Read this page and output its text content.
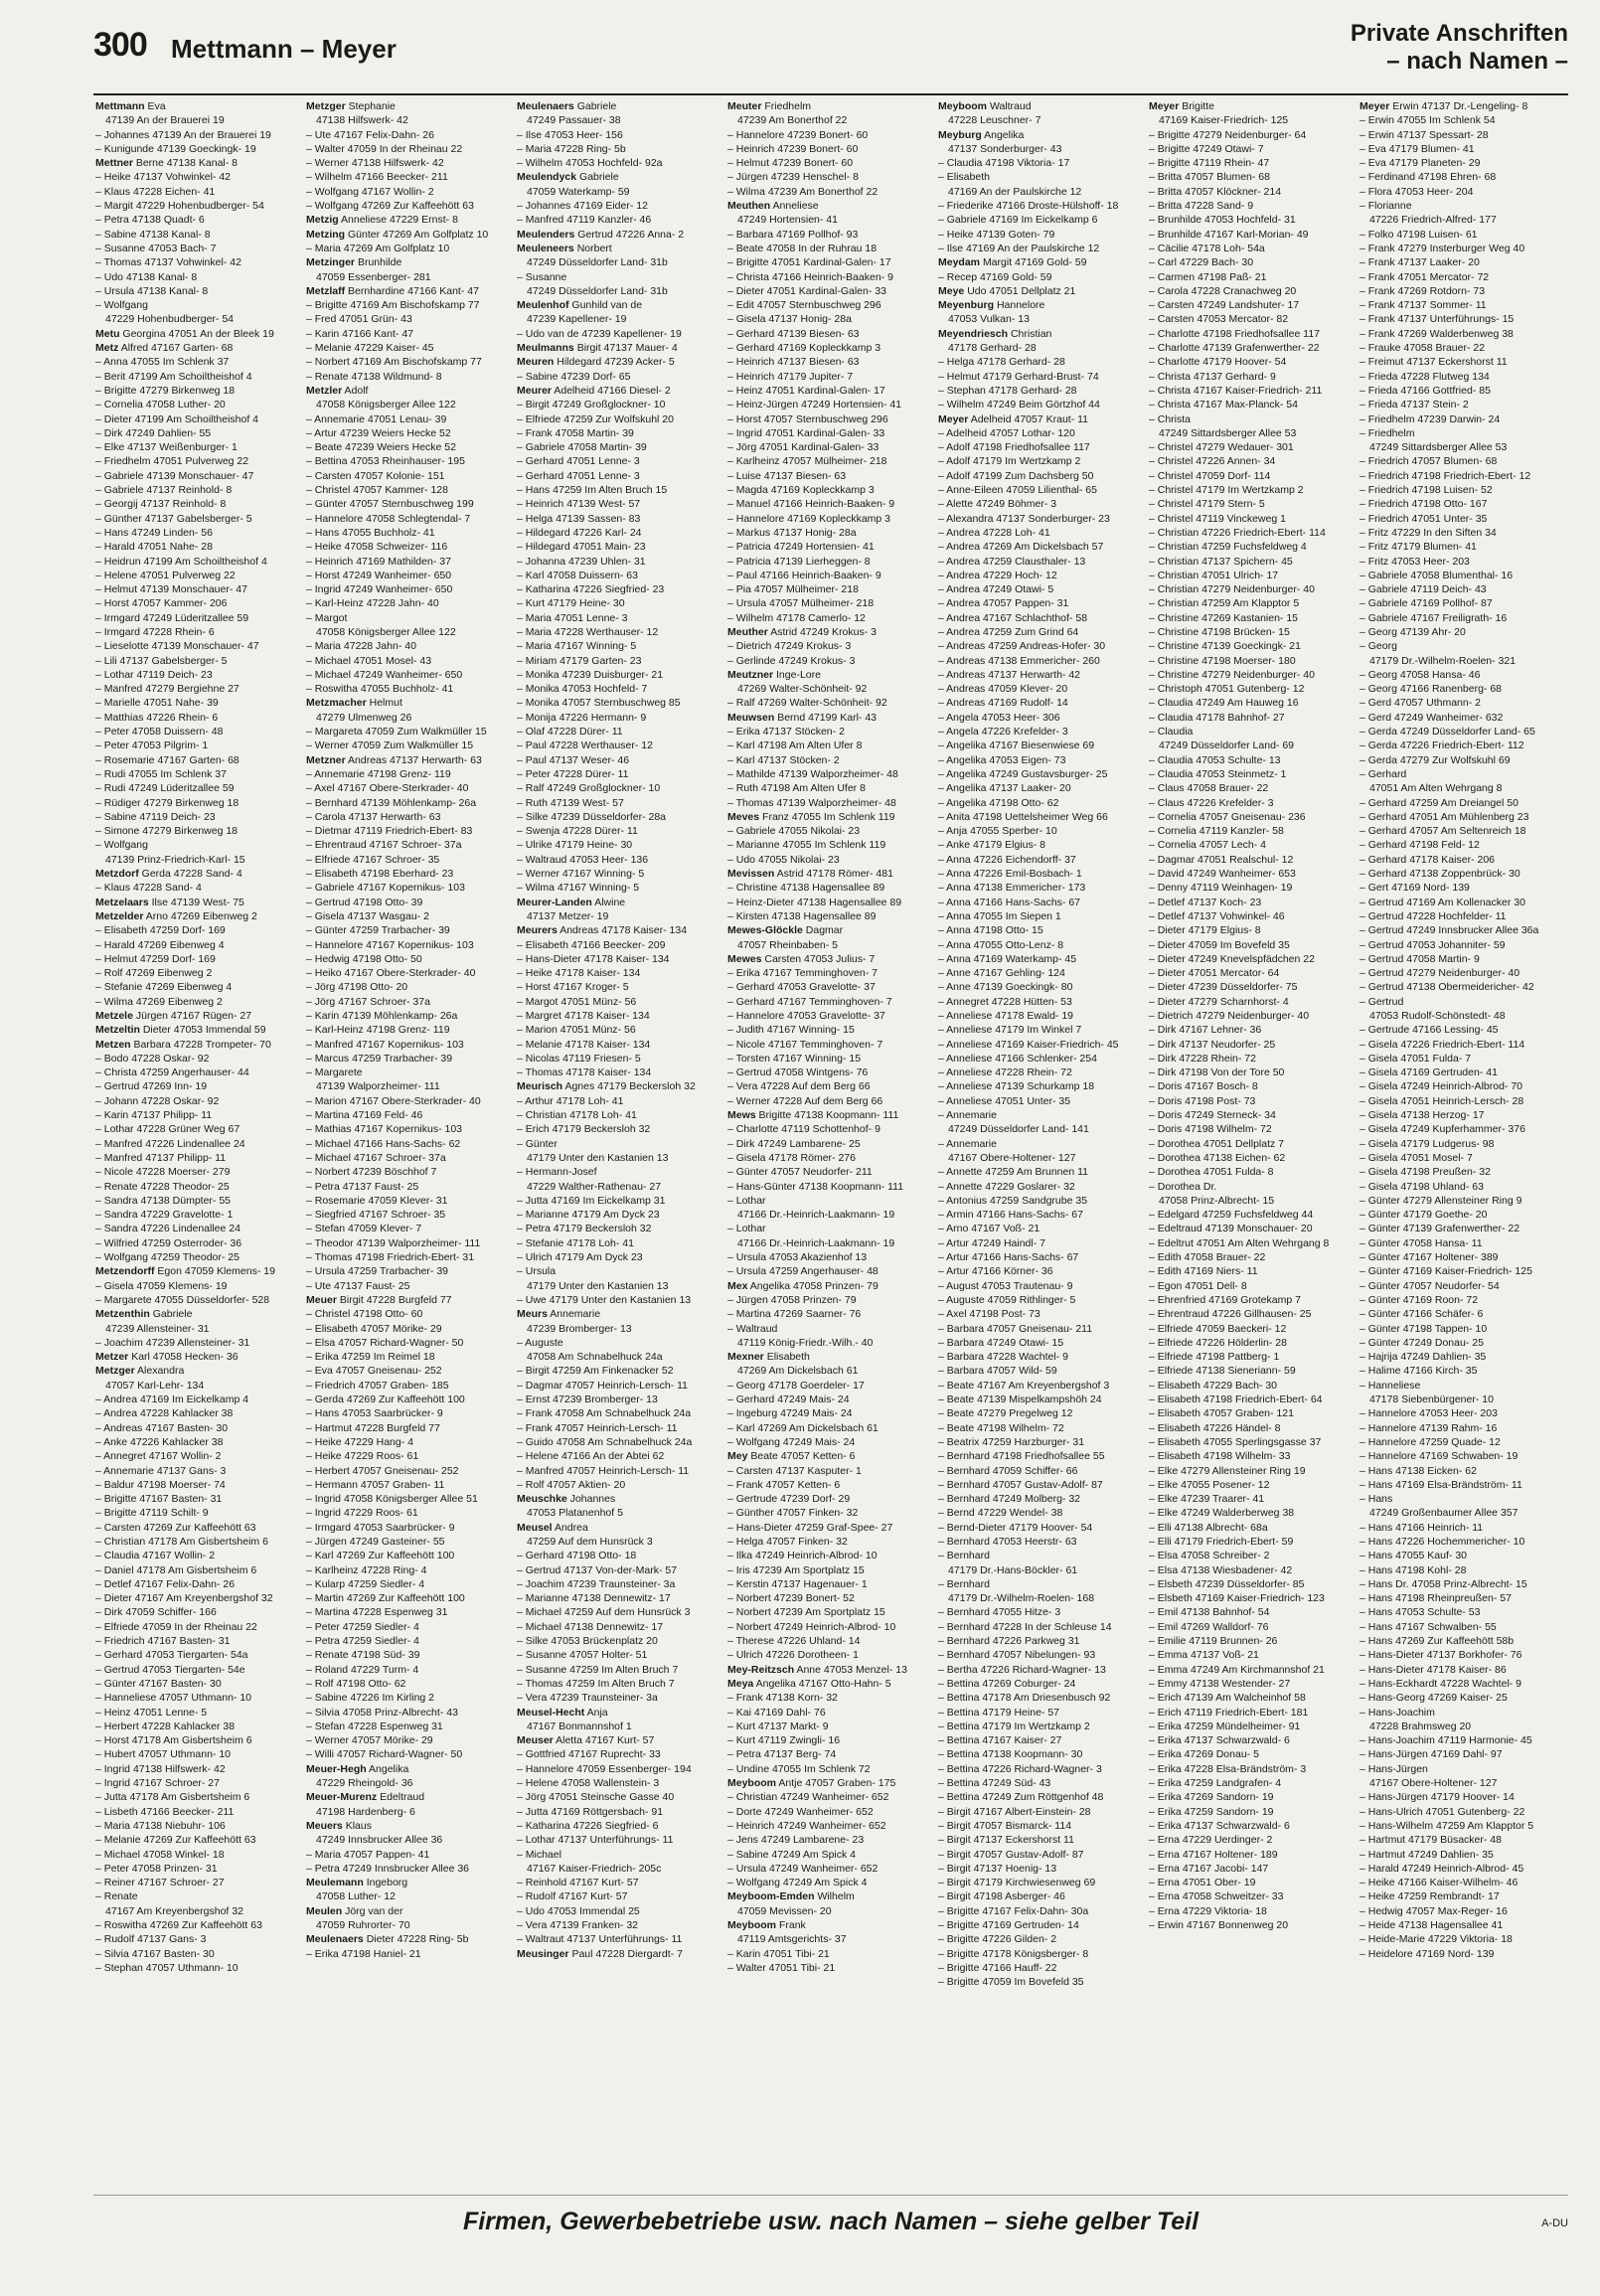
300 Mettmann – Meyer
Private Anschriften
– nach Namen –
Mettmann Eva
47139 An der Brauerei 19
– Johannes 47139 An der Brauerei 19
– Kunigunde 47139 Goeckingk- 19
Mettner Berne 47138 Kanal- 8
– Heike 47137 Vohwinkel- 42
– Klaus 47228 Eichen- 41
– Margit 47229 Hohenbudberger- 54
– Petra 47138 Quadt- 6
– Sabine 47138 Kanal- 8
– Susanne 47053 Bach- 7
– Thomas 47137 Vohwinkel- 42
– Udo 47138 Kanal- 8
– Ursula 47138 Kanal- 8
– Wolfgang
47229 Hohenbudberger- 54
Metu Georgina 47051 An der Bleek 19
Metz Alfred 47167 Garten- 68
– Anna 47055 Im Schlenk 37
– Berit 47199 Am Schoiltheishof 4
– Brigitte 47279 Birkenweg 18
– Cornelia 47058 Luther- 20
– Dieter 47199 Am Schoiltheishof 4
– Dirk 47249 Dahlien- 55
– Elke 47137 Weißenburger- 1
– Friedhelm 47051 Pulverweg 22
– Gabriele 47139 Monschauer- 47
– Gabriele 47137 Reinhold- 8
– Georgij 47137 Reinhold- 8
– Günther 47137 Gabelsberger- 5
– Hans 47249 Linden- 56
– Harald 47051 Nahe- 28
– Heidrun 47199 Am Schoiltheishof 4
– Helene 47051 Pulverweg 22
– Helmut 47139 Monschauer- 47
– Horst 47057 Kammer- 206
– Irmgard 47249 Lüderitzallee 59
– Irmgard 47228 Rhein- 6
– Lieselotte 47139 Monschauer- 47
– Lili 47137 Gabelsberger- 5
– Lothar 47119 Deich- 23
– Manfred 47279 Bergiehne 27
– Marielle 47051 Nahe- 39
– Matthias 47226 Rhein- 6
– Peter 47058 Duissern- 48
– Peter 47053 Pilgrim- 1
– Rosemarie 47167 Garten- 68
– Rudi 47055 Im Schlenk 37
– Rudi 47249 Lüderitzallee 59
– Rüdiger 47279 Birkenweg 18
– Sabine 47119 Deich- 23
– Simone 47279 Birkenweg 18
– Wolfgang
47139 Prinz-Friedrich-Karl- 15
Metzdorf Gerda 47228 Sand- 4
– Klaus 47228 Sand- 4
Metzelaars Ilse 47139 West- 75
Metzelder Arno 47269 Eibenweg 2
– Elisabeth 47259 Dorf- 169
– Harald 47269 Eibenweg 4
– Helmut 47259 Dorf- 169
– Rolf 47269 Eibenweg 2
– Stefanie 47269 Eibenweg 4
– Wilma 47269 Eibenweg 2
Metzele Jürgen 47167 Rügen- 27
Metzeltin Dieter 47053 Immendal 59
Metzen Barbara 47228 Trompeter- 70
– Bodo 47228 Oskar- 92
– Christa 47259 Angerhauser- 44
– Gertrud 47269 Inn- 19
– Johann 47228 Oskar- 92
– Karin 47137 Philipp- 11
– Lothar 47228 Grüner Weg 67
– Manfred 47226 Lindenallee 24
– Manfred 47137 Philipp- 11
– Nicole 47228 Moerser- 279
– Renate 47228 Theodor- 25
– Sandra 47138 Dümpter- 55
– Sandra 47229 Gravelotte- 1
– Sandra 47226 Lindenallee 24
– Wilfried 47259 Osterroder- 36
– Wolfgang 47259 Theodor- 25
Metzendorff Egon 47059 Klemens- 19
– Gisela 47059 Klemens- 19
– Margarete 47055 Düsseldorfer- 528
Metzenthin Gabriele
47239 Allensteiner- 31
– Joachim 47239 Allensteiner- 31
Metzer Karl 47058 Hecken- 36
Metzger Alexandra
47057 Karl-Lehr- 134
– Andrea 47169 Im Eickelkamp 4
– Andrea 47228 Kahlacker 38
– Andreas 47167 Basten- 30
– Anke 47226 Kahlacker 38
– Annegret 47167 Wollin- 2
– Annemarie 47137 Gans- 3
– Baldur 47198 Moerser- 74
– Brigitte 47167 Basten- 31
– Brigitte 47119 Schilt- 9
– Carsten 47269 Zur Kaffeehött 63
– Christian 47178 Am Gisbertsheim 6
– Claudia 47167 Wollin- 2
– Daniel 47178 Am Gisbertsheim 6
– Detlef 47167 Felix-Dahn- 26
– Dieter 47167 Am Kreyenbergshof 32
– Dirk 47059 Schiffer- 166
– Elfriede 47059 In der Rheinau 22
– Friedrich 47167 Basten- 31
– Gerhard 47053 Tiergarten- 54a
– Gertrud 47053 Tiergarten- 54e
– Günter 47167 Basten- 30
– Hanneliese 47057 Uthmann- 10
– Heinz 47051 Lenne- 5
– Herbert 47228 Kahlacker 38
– Horst 47178 Am Gisbertsheim 6
– Hubert 47057 Uthmann- 10
– Ingrid 47138 Hilfswerk- 42
– Ingrid 47167 Schroer- 27
– Jutta 47178 Am Gisbertsheim 6
– Lisbeth 47166 Beecker- 211
– Maria 47138 Niebuhr- 106
– Melanie 47269 Zur Kaffeehött 63
– Michael 47058 Winkel- 18
– Peter 47058 Prinzen- 31
– Reiner 47167 Schroer- 27
– Renate
47167 Am Kreyenbergshof 32
– Roswitha 47269 Zur Kaffeehött 63
– Rudolf 47137 Gans- 3
– Silvia 47167 Basten- 30
– Stephan 47057 Uthmann- 10
Metzger Stephanie
47138 Hilfswerk- 42
– Ute 47167 Felix-Dahn- 26
– Walter 47059 In der Rheinau 22
– Werner 47138 Hilfswerk- 42
– Wilhelm 47166 Beecker- 211
– Wolfgang 47167 Wollin- 2
– Wolfgang 47269 Zur Kaffeehött 63
Metzig Anneliese 47229 Ernst- 8
Metzing Günter 47269 Am Golfplatz 10
– Maria 47269 Am Golfplatz 10
Metzinger Brunhilde
47059 Essenberger- 281
Metzlaff Bernhardine 47166 Kant- 47
– Brigitte 47169 Am Bischofskamp 77
– Fred 47051 Grün- 43
– Karin 47166 Kant- 47
– Melanie 47229 Kaiser- 45
– Norbert 47169 Am Bischofskamp 77
– Renate 47138 Wildmund- 8
Metzler Adolf
47058 Königsberger Allee 122
– Annemarie 47051 Lenau- 39
– Artur 47239 Weiers Hecke 52
– Beate 47239 Weiers Hecke 52
– Bettina 47053 Rheinhauser- 195
– Carsten 47057 Kolonie- 151
– Christel 47057 Kammer- 128
– Günter 47057 Sternbuschweg 199
– Hannelore 47058 Schlegtendal- 7
– Hans 47055 Buchholz- 41
– Heike 47058 Schweizer- 116
– Heinrich 47169 Mathilden- 37
– Horst 47249 Wanheimer- 650
– Ingrid 47249 Wanheimer- 650
– Karl-Heinz 47228 Jahn- 40
– Margot
47058 Königsberger Allee 122
– Maria 47228 Jahn- 40
– Michael 47051 Mosel- 43
– Michael 47249 Wanheimer- 650
– Roswitha 47055 Buchholz- 41
Metzmacher Helmut
47279 Ulmenweg 26
– Margareta 47059 Zum Walkmüller 15
– Werner 47059 Zum Walkmüller 15
Metzner Andreas 47137 Herwarth- 63
– Annemarie 47198 Grenz- 119
– Axel 47167 Obere-Sterkrader- 40
– Bernhard 47139 Möhlenkamp- 26a
– Carola 47137 Herwarth- 63
– Dietmar 47119 Friedrich-Ebert- 83
– Ehrentraud 47167 Schroer- 37a
– Elfriede 47167 Schroer- 35
– Elisabeth 47198 Eberhard- 23
– Gabriele 47167 Kopernikus- 103
– Gertrud 47198 Otto- 39
– Gisela 47137 Wasgau- 2
– Günter 47259 Trarbacher- 39
– Hannelore 47167 Kopernikus- 103
– Hedwig 47198 Otto- 50
– Heiko 47167 Obere-Sterkrader- 40
– Jörg 47198 Otto- 20
– Jörg 47167 Schroer- 37a
– Karin 47139 Möhlenkamp- 26a
– Karl-Heinz 47198 Grenz- 119
– Manfred 47167 Kopernikus- 103
– Marcus 47259 Trarbacher- 39
– Margarete
47139 Walporzheimer- 111
– Marion 47167 Obere-Sterkrader- 40
– Martina 47169 Feld- 46
– Mathias 47167 Kopernikus- 103
– Michael 47166 Hans-Sachs- 62
– Michael 47167 Schroer- 37a
– Norbert 47239 Böschhof 7
– Petra 47137 Faust- 25
– Rosemarie 47059 Klever- 31
– Siegfried 47167 Schroer- 35
– Stefan 47059 Klever- 7
– Theodor 47139 Walporzheimer- 111
– Thomas 47198 Friedrich-Ebert- 31
– Ursula 47259 Trarbacher- 39
– Ute 47137 Faust- 25
Meuer Birgit 47228 Burgfeld 77
– Christel 47198 Otto- 60
– Elisabeth 47057 Mörike- 29
– Elsa 47057 Richard-Wagner- 50
– Erika 47259 Im Reimel 18
– Eva 47057 Gneisenau- 252
– Friedrich 47057 Graben- 185
– Gerda 47269 Zur Kaffeehött 100
– Hans 47053 Saarbrücker- 9
– Hartmut 47228 Burgfeld 77
– Heike 47229 Hang- 4
– Heike 47229 Roos- 61
– Herbert 47057 Gneisenau- 252
– Hermann 47057 Graben- 11
– Ingrid 47058 Königsberger Allee 51
– Ingrid 47229 Roos- 61
– Irmgard 47053 Saarbrücker- 9
– Jürgen 47249 Gasteiner- 55
– Karl 47269 Zur Kaffeehött 100
– Karlheinz 47228 Ring- 4
– Kularp 47259 Siedler- 4
– Martin 47269 Zur Kaffeehött 100
– Martina 47228 Espenweg 31
– Peter 47259 Siedler- 4
– Petra 47259 Siedler- 4
– Renate 47198 Süd- 39
– Roland 47229 Turm- 4
– Rolf 47198 Otto- 62
– Sabine 47226 Im Kirling 2
– Silvia 47058 Prinz-Albrecht- 43
– Stefan 47228 Espenweg 31
– Werner 47057 Mörike- 29
– Willi 47057 Richard-Wagner- 50
Meuer-Hegh Angelika
47229 Rheingold- 36
Meuer-Murenz Edeltraud
47198 Hardenberg- 6
Meuers Klaus
47249 Innsbrucker Allee 36
– Maria 47057 Pappen- 41
– Petra 47249 Innsbrucker Allee 36
Meulemann Ingeborg
47058 Luther- 12
Meulen Jörg van der
47059 Ruhrorter- 70
Meulenaers Dieter 47228 Ring- 5b
– Erika 47198 Haniel- 21
Meulenaers Gabriele
47249 Passauer- 38
– Ilse 47053 Heer- 156
– Maria 47228 Ring- 5b
– Wilhelm 47053 Hochfeld- 92a
Meulendyck Gabriele
47059 Waterkamp- 59
– Johannes 47169 Eider- 12
– Manfred 47119 Kanzler- 46
Meulenders Gertrud 47226 Anna- 2
Meuleneers Norbert
47249 Düsseldorfer Land- 31b
– Susanne
47249 Düsseldorfer Land- 31b
Meulenhof Gunhild van de
47239 Kapellener- 19
– Udo van de 47239 Kapellener- 19
Meulmanns Birgit 47137 Mauer- 4
Meuren Hildegard 47239 Acker- 5
– Sabine 47239 Dorf- 65
Meurer Adelheid 47166 Diesel- 2
– Birgit 47249 Großglockner- 10
– Elfriede 47259 Zur Wolfskuhl 20
– Frank 47058 Martin- 39
– Gabriele 47058 Martin- 39
– Gerhard 47051 Lenne- 3
– Gerhard 47051 Lenne- 3
– Hans 47259 Im Alten Bruch 15
– Heinrich 47139 West- 57
– Helga 47139 Sassen- 83
– Hildegard 47226 Karl- 24
– Hildegard 47051 Main- 23
– Johanna 47239 Uhlen- 31
– Karl 47058 Duissern- 63
– Katharina 47226 Siegfried- 23
– Kurt 47179 Heine- 30
– Maria 47051 Lenne- 3
– Maria 47228 Werthauser- 12
– Maria 47167 Winning- 5
– Miriam 47179 Garten- 23
– Monika 47239 Duisburger- 21
– Monika 47053 Hochfeld- 7
– Monika 47057 Sternbuschweg 85
– Monija 47226 Hermann- 9
– Olaf 47228 Dürer- 11
– Paul 47228 Werthauser- 12
– Paul 47137 Weser- 46
– Peter 47228 Dürer- 11
– Ralf 47249 Großglockner- 10
– Ruth 47139 West- 57
– Silke 47239 Düsseldorfer- 28a
– Swenja 47228 Dürer- 11
– Ulrike 47179 Heine- 30
– Waltraud 47053 Heer- 136
– Werner 47167 Winning- 5
– Wilma 47167 Winning- 5
Meurer-Landen Alwine
47137 Metzer- 19
Meurers Andreas 47178 Kaiser- 134
– Elisabeth 47166 Beecker- 209
– Hans-Dieter 47178 Kaiser- 134
– Heike 47178 Kaiser- 134
– Horst 47167 Kroger- 5
– Margot 47051 Münz- 56
– Margret 47178 Kaiser- 134
– Marion 47051 Münz- 56
– Melanie 47178 Kaiser- 134
– Nicolas 47119 Friesen- 5
– Thomas 47178 Kaiser- 134
Meurisch Agnes 47179 Beckersloh 32
– Arthur 47178 Loh- 41
– Christian 47178 Loh- 41
– Erich 47179 Beckersloh 32
– Günter
47179 Unter den Kastanien 13
– Hermann-Josef
47229 Walther-Rathenau- 27
– Jutta 47169 Im Eickelkamp 31
– Marianne 47179 Am Dyck 23
– Petra 47179 Beckersloh 32
– Stefanie 47178 Loh- 41
– Ulrich 47179 Am Dyck 23
– Ursula
47179 Unter den Kastanien 13
– Uwe 47179 Unter den Kastanien 13
Meurs Annemarie
47239 Bromberger- 13
– Auguste
47058 Am Schnabelhuck 24a
– Birgit 47259 Am Finkenacker 52
– Dagmar 47057 Heinrich-Lersch- 11
– Ernst 47239 Bromberger- 13
– Frank 47058 Am Schnabelhuck 24a
– Frank 47057 Heinrich-Lersch- 11
– Guido 47058 Am Schnabelhuck 24a
– Helene 47166 An der Abtei 62
– Manfred 47057 Heinrich-Lersch- 11
– Rolf 47057 Aktien- 20
Meuschke Johannes
47053 Platanenhof 5
Meusel Andrea
47259 Auf dem Hunsrück 3
– Gerhard 47198 Otto- 18
– Gertrud 47137 Von-der-Mark- 57
– Joachim 47239 Traunsteiner- 3a
– Marianne 47138 Dennewitz- 17
– Michael 47259 Auf dem Hunsrück 3
– Michael 47138 Dennewitz- 17
– Silke 47053 Brückenplatz 20
– Susanne 47057 Holter- 51
– Susanne 47259 Im Alten Bruch 7
– Thomas 47259 Im Alten Bruch 7
– Vera 47239 Traunsteiner- 3a
Meusel-Hecht Anja
47167 Bonmannshof 1
Meuser Aletta 47167 Kurt- 57
– Gottfried 47167 Ruprecht- 33
– Hannelore 47059 Essenberger- 194
– Helene 47058 Wallenstein- 3
– Jörg 47051 Steinsche Gasse 40
– Jutta 47169 Röttgersbach- 91
– Katharina 47226 Siegfried- 6
– Lothar 47137 Unterführungs- 11
– Michael
47167 Kaiser-Friedrich- 205c
– Reinhold 47167 Kurt- 57
– Rudolf 47167 Kurt- 57
– Udo 47053 Immendal 25
– Vera 47139 Franken- 32
– Waltraut 47137 Unterführungs- 11
Meusinger Paul 47228 Diergardt- 7
Meuter Friedhelm
47239 Am Bonerthof 22
– Hannelore 47239 Bonert- 60
– Heinrich 47239 Bonert- 60
– Helmut 47239 Bonert- 60
– Jürgen 47239 Henschel- 8
– Wilma 47239 Am Bonerthof 22
Meuthen Anneliese
47249 Hortensien- 41
– Barbara 47169 Pollhof- 93
– Beate 47058 In der Ruhrau 18
– Brigitte 47051 Kardinal-Galen- 17
– Christa 47166 Heinrich-Baaken- 9
– Dieter 47051 Kardinal-Galen- 33
– Edit 47057 Sternbuschweg 296
– Gisela 47137 Honig- 28a
– Gerhard 47139 Biesen- 63
– Gerhard 47169 Kopleckkamp 3
– Heinrich 47137 Biesen- 63
– Heinrich 47179 Jupiter- 7
– Heinz 47051 Kardinal-Galen- 17
– Heinz-Jürgen 47249 Hortensien- 41
– Horst 47057 Sternbuschweg 296
– Ingrid 47051 Kardinal-Galen- 33
– Jörg 47051 Kardinal-Galen- 33
– Karlheinz 47057 Mülheimer- 218
– Luise 47137 Biesen- 63
– Magda 47169 Kopleckkamp 3
– Manuel 47166 Heinrich-Baaken- 9
– Hannelore 47169 Kopleckkamp 3
– Markus 47137 Honig- 28a
– Patricia 47249 Hortensien- 41
– Patricia 47139 Lierheggen- 8
– Paul 47166 Heinrich-Baaken- 9
– Pia 47057 Mülheimer- 218
– Ursula 47057 Mülheimer- 218
– Wilhelm 47178 Camerlo- 12
Meuther Astrid 47249 Krokus- 3
– Dietrich 47249 Krokus- 3
– Gerlinde 47249 Krokus- 3
Meutzner Inge-Lore
47269 Walter-Schönheit- 92
– Ralf 47269 Walter-Schönheit- 92
Meuwsen Bernd 47199 Karl- 43
– Erika 47137 Stöcken- 2
– Karl 47198 Am Alten Ufer 8
– Karl 47137 Stöcken- 2
– Mathilde 47139 Walporzheimer- 48
– Ruth 47198 Am Alten Ufer 8
– Thomas 47139 Walporzheimer- 48
Meves Franz 47055 Im Schlenk 119
– Gabriele 47055 Nikolai- 23
– Marianne 47055 Im Schlenk 119
– Udo 47055 Nikolai- 23
Mevissen Astrid 47178 Römer- 481
– Christine 47138 Hagensallee 89
– Heinz-Dieter 47138 Hagensallee 89
– Kirsten 47138 Hagensallee 89
Mewes-Glöckle Dagmar
47057 Rheinbaben- 5
Mewes Carsten 47053 Julius- 7
– Erika 47167 Temminghoven- 7
– Gerhard 47053 Gravelotte- 37
– Gerhard 47167 Temminghoven- 7
– Hannelore 47053 Gravelotte- 37
– Judith 47167 Winning- 15
– Nicole 47167 Temminghoven- 7
– Torsten 47167 Winning- 15
– Gertrud 47058 Wintgens- 76
– Vera 47228 Auf dem Berg 66
– Werner 47228 Auf dem Berg 66
Mews Brigitte 47138 Koopmann- 111
– Charlotte 47119 Schottenhof- 9
– Dirk 47249 Lambarene- 25
– Gisela 47178 Römer- 276
– Günter 47057 Neudorfer- 211
– Hans-Günter 47138 Koopmann- 111
– Lothar
47166 Dr.-Heinrich-Laakmann- 19
– Lothar
47166 Dr.-Heinrich-Laakmann- 19
– Ursula 47053 Akazienhof 13
– Ursula 47259 Angerhauser- 48
Mex Angelika 47058 Prinzen- 79
– Jürgen 47058 Prinzen- 79
– Martina 47269 Saarner- 76
– Waltraud
47119 König-Friedr.-Wilh.- 40
Mexner Elisabeth
47269 Am Dickelsbach 61
– Georg 47178 Goerdeler- 17
– Gerhard 47249 Mais- 24
– Ingeburg 47249 Mais- 24
– Karl 47269 Am Dickelsbach 61
– Wolfgang 47249 Mais- 24
Mey Beate 47057 Ketten- 6
– Carsten 47137 Kasputer- 1
– Frank 47057 Ketten- 6
– Gertrude 47239 Dorf- 29
– Günther 47057 Finken- 32
– Hans-Dieter 47259 Graf-Spee- 27
– Helga 47057 Finken- 32
– Ilka 47249 Heinrich-Albrod- 10
– Iris 47239 Am Sportplatz 15
– Kerstin 47137 Hagenauer- 1
– Norbert 47239 Bonert- 52
– Norbert 47239 Am Sportplatz 15
– Norbert 47249 Heinrich-Albrod- 10
– Therese 47226 Uhland- 14
– Ulrich 47226 Dorotheen- 1
Mey-Reitzsch Anne 47053 Menzel- 13
Meya Angelika 47167 Otto-Hahn- 5
– Frank 47138 Korn- 32
– Kai 47169 Dahl- 76
– Kurt 47137 Markt- 9
– Kurt 47119 Zwingli- 16
– Petra 47137 Berg- 74
– Undine 47055 Im Schlenk 72
Meyboom Antje 47057 Graben- 175
– Christian 47249 Wanheimer- 652
– Dorte 47249 Wanheimer- 652
– Heinrich 47249 Wanheimer- 652
– Jens 47249 Lambarene- 23
– Sabine 47249 Am Spick 4
– Ursula 47249 Wanheimer- 652
– Wolfgang 47249 Am Spick 4
Meyboom-Emden Wilhelm
47059 Mevissen- 20
Meyboom Frank
47119 Amtsgerichts- 37
– Karin 47051 Tibi- 21
– Walter 47051 Tibi- 21
Meyboom Waltraud
47228 Leuschner- 7
Meyburg Angelika
47137 Sonderburger- 43
– Claudia 47198 Viktoria- 17
– Elisabeth
47169 An der Paulskirche 12
– Friederike 47166 Droste-Hülshoff- 18
– Gabriele 47169 Im Eickelkamp 6
– Heike 47139 Goten- 79
– Ilse 47169 An der Paulskirche 12
Meydam Margit 47169 Gold- 59
– Recep 47169 Gold- 59
Meye Udo 47051 Dellplatz 21
Meyenburg Hannelore
47053 Vulkan- 13
Meyendriesch Christian
47178 Gerhard- 28
– Helga 47178 Gerhard- 28
– Helmut 47179 Gerhard-Brust- 74
– Stephan 47178 Gerhard- 28
– Wilhelm 47249 Beim Görtzhof 44
Meyer Adelheid 47057 Kraut- 11
– Adelheid 47057 Lothar- 120
– Adolf 47198 Friedhofsallee 117
– Adolf 47179 Im Wertzkamp 2
– Adolf 47199 Zum Dachsberg 50
– Anne-Eileen 47059 Lilienthal- 65
– Alette 47249 Böhmer- 3
– Alexandra 47137 Sonderburger- 23
– Andrea 47228 Loh- 41
– Andrea 47269 Am Dickelsbach 57
– Andrea 47259 Clausthaler- 13
– Andrea 47229 Hoch- 12
– Andrea 47249 Otawi- 5
– Andrea 47057 Pappen- 31
– Andrea 47167 Schlachthof- 58
– Andrea 47259 Zum Grind 64
– Andreas 47259 Andreas-Hofer- 30
– Andreas 47138 Emmericher- 260
– Andreas 47137 Herwarth- 42
– Andreas 47059 Klever- 20
– Andreas 47169 Rudolf- 14
– Angela 47053 Heer- 306
– Angela 47226 Krefelder- 3
– Angelika 47167 Biesenwiese 69
– Angelika 47053 Eigen- 73
– Angelika 47249 Gustavsburger- 25
– Angelika 47137 Laaker- 20
– Angelika 47198 Otto- 62
– Anita 47198 Uettelsheimer Weg 66
– Anja 47055 Sperber- 10
– Anke 47179 Elgius- 8
– Anna 47226 Eichendorff- 37
– Anna 47226 Emil-Bosbach- 1
– Anna 47138 Emmericher- 173
– Anna 47166 Hans-Sachs- 67
– Anna 47055 Im Siepen 1
– Anna 47198 Otto- 15
– Anna 47055 Otto-Lenz- 8
– Anna 47169 Waterkamp- 45
– Anne 47167 Gehling- 124
– Anne 47139 Goeckingk- 80
– Annegret 47228 Hütten- 53
– Anneliese 47178 Ewald- 19
– Anneliese 47179 Im Winkel 7
– Anneliese 47169 Kaiser-Friedrich- 45
– Anneliese 47166 Schlenker- 254
– Anneliese 47228 Rhein- 72
– Anneliese 47139 Schurkamp 18
– Anneliese 47051 Unter- 35
– Annemarie
47249 Düsseldorfer Land- 141
– Annemarie
47167 Obere-Holtener- 127
– Annette 47259 Am Brunnen 11
– Annette 47229 Goslarer- 32
– Antonius 47259 Sandgrube 35
– Armin 47166 Hans-Sachs- 67
– Arno 47167 Voß- 21
– Artur 47249 Haindl- 7
– Artur 47166 Hans-Sachs- 67
– Artur 47166 Körner- 36
– August 47053 Trautenau- 9
– Auguste 47059 Rithlinger- 5
– Axel 47198 Post- 73
– Barbara 47057 Gneisenau- 211
– Barbara 47249 Otawi- 15
– Barbara 47228 Wachtel- 9
– Barbara 47057 Wild- 59
– Beate 47167 Am Kreyenbergshof 3
– Beate 47139 Mispelkampshöh 24
– Beate 47279 Pregelweg 12
– Beate 47198 Wilhelm- 72
– Beatrix 47259 Harzburger- 31
– Bernhard 47198 Friedhofsallee 55
– Bernhard 47059 Schiffer- 66
– Bernhard 47057 Gustav-Adolf- 87
– Bernhard 47249 Molberg- 32
– Bernd 47229 Wendel- 38
– Bernd-Dieter 47179 Hoover- 54
– Bernhard 47053 Heerstr- 63
– Bernhard
47179 Dr.-Hans-Böckler- 61
– Bernhard
47179 Dr.-Wilhelm-Roelen- 168
– Bernhard 47055 Hitze- 3
– Bernhard 47228 In der Schleuse 14
– Bernhard 47226 Parkweg 31
– Bernhard 47057 Nibelungen- 93
– Bertha 47226 Richard-Wagner- 13
– Bettina 47269 Coburger- 24
– Bettina 47178 Am Driesenbusch 92
– Bettina 47179 Heine- 57
– Bettina 47179 Im Wertzkamp 2
– Bettina 47167 Kaiser- 27
– Bettina 47138 Koopmann- 30
– Bettina 47226 Richard-Wagner- 3
– Bettina 47249 Süd- 43
– Bettina 47249 Zum Röttgenhof 48
– Birgit 47167 Albert-Einstein- 28
– Birgit 47057 Bismarck- 114
– Birgit 47137 Eckershorst 11
– Birgit 47057 Gustav-Adolf- 87
– Birgit 47137 Hoenig- 13
– Birgit 47179 Kirchwiesenweg 69
– Birgit 47198 Asberger- 46
– Brigitte 47167 Felix-Dahn- 30a
– Brigitte 47169 Gertruden- 14
– Brigitte 47226 Gilden- 2
– Brigitte 47178 Königsberger- 8
– Brigitte 47166 Hauff- 22
– Brigitte 47059 Im Bovefeld 35
Meyer Brigitte
47169 Kaiser-Friedrich- 125
– Brigitte 47279 Neidenburger- 64
– Brigitte 47249 Otawi- 7
– Brigitte 47119 Rhein- 47
– Britta 47057 Blumen- 68
– Britta 47057 Klöckner- 214
– Britta 47228 Sand- 9
– Brunhilde 47053 Hochfeld- 31
– Brunhilde 47167 Karl-Morian- 49
– Cäcilie 47178 Loh- 54a
– Carl 47229 Bach- 30
– Carmen 47198 Paß- 21
– Carola 47228 Cranachweg 20
– Carsten 47249 Landshuter- 17
– Carsten 47053 Mercator- 82
– Charlotte 47198 Friedhofsallee 117
– Charlotte 47139 Grafenwerther- 22
– Charlotte 47179 Hoover- 54
– Christa 47137 Gerhard- 9
– Christa 47167 Kaiser-Friedrich- 211
– Christa 47167 Max-Planck- 54
– Christa
47249 Sittardsberger Allee 53
– Christel 47279 Wedauer- 301
– Christel 47226 Annen- 34
– Christel 47059 Dorf- 114
– Christel 47179 Im Wertzkamp 2
– Christel 47179 Stern- 5
– Christel 47119 Vinckeweg 1
– Christian 47226 Friedrich-Ebert- 114
– Christian 47259 Fuchsfeldweg 4
– Christian 47137 Spichern- 45
– Christian 47051 Ulrich- 17
– Christian 47279 Neidenburger- 40
– Christian 47259 Am Klapptor 5
– Christine 47269 Kastanien- 15
– Christine 47198 Brücken- 15
– Christine 47139 Goeckingk- 21
– Christine 47198 Moerser- 180
– Christine 47279 Neidenburger- 40
– Christoph 47051 Gutenberg- 12
– Claudia 47249 Am Hauweg 16
– Claudia 47178 Bahnhof- 27
– Claudia
47249 Düsseldorfer Land- 69
– Claudia 47053 Schulte- 13
– Claudia 47053 Steinmetz- 1
– Claus 47058 Brauer- 22
– Claus 47226 Krefelder- 3
– Cornelia 47057 Gneisenau- 236
– Cornelia 47119 Kanzler- 58
– Cornelia 47057 Lech- 4
– Dagmar 47051 Realschul- 12
– David 47249 Wanheimer- 653
– Denny 47119 Weinhagen- 19
– Detlef 47137 Koch- 23
– Detlef 47137 Vohwinkel- 46
– Dieter 47179 Elgius- 8
– Dieter 47059 Im Bovefeld 35
– Dieter 47249 Knevelspfädchen 22
– Dieter 47051 Mercator- 64
– Dieter 47239 Düsseldorfer- 75
– Dieter 47279 Scharnhorst- 4
– Dietrich 47279 Neidenburger- 40
– Dirk 47167 Lehner- 36
– Dirk 47137 Neudorfer- 25
– Dirk 47228 Rhein- 72
– Dirk 47198 Von der Tore 50
– Doris 47167 Bosch- 8
– Doris 47198 Post- 73
– Doris 47249 Sterneck- 34
– Doris 47198 Wilhelm- 72
– Dorothea 47051 Dellplatz 7
– Dorothea 47138 Eichen- 62
– Dorothea 47051 Fulda- 8
– Dorothea Dr.
47058 Prinz-Albrecht- 15
– Edelgard 47259 Fuchsfeldweg 44
– Edeltraud 47139 Monschauer- 20
– Edeltrut 47051 Am Alten Wehrgang 8
– Edith 47058 Brauer- 22
– Edith 47169 Niers- 11
– Egon 47051 Dell- 8
– Ehrenfried 47169 Grotekamp 7
– Ehrentraud 47226 Gillhausen- 25
– Elfriede 47059 Baeckeri- 12
– Elfriede 47226 Hölderlin- 28
– Elfriede 47198 Pattberg- 1
– Elfriede 47138 Sieneriann- 59
– Elisabeth 47229 Bach- 30
– Elisabeth 47198 Friedrich-Ebert- 64
– Elisabeth 47057 Graben- 121
– Elisabeth 47226 Händel- 8
– Elisabeth 47055 Sperlingsgasse 37
– Elisabeth 47198 Wilhelm- 33
– Elke 47279 Allensteiner Ring 19
– Elke 47055 Posener- 12
– Elke 47239 Traarer- 41
– Elke 47249 Walderberweg 38
– Elli 47138 Albrecht- 68a
– Elli 47179 Friedrich-Ebert- 59
– Elsa 47058 Schreiber- 2
– Elsa 47138 Wiesbadener- 42
– Elsbeth 47239 Düsseldorfer- 85
– Elsbeth 47169 Kaiser-Friedrich- 123
– Emil 47138 Bahnhof- 54
– Emil 47269 Walldorf- 76
– Emilie 47119 Brunnen- 26
– Emma 47137 Voß- 21
– Emma 47249 Am Kirchmannshof 21
– Emmy 47138 Westender- 27
– Erich 47139 Am Walcheinhof 58
– Erich 47119 Friedrich-Ebert- 181
– Erika 47259 Mündelheimer- 91
– Erika 47137 Schwarzwald- 6
– Erika 47269 Donau- 5
– Erika 47228 Elsa-Brändström- 3
– Erika 47259 Landgrafen- 4
– Erika 47269 Sandorn- 19
– Erika 47259 Sandorn- 19
– Erika 47137 Schwarzwald- 6
– Erna 47229 Uerdinger- 2
– Erna 47167 Holtener- 189
– Erna 47167 Jacobi- 147
– Erna 47051 Ober- 19
– Erna 47058 Schweitzer- 33
– Erna 47229 Viktoria- 18
– Erwin 47167 Bonnenweg 20
Meyer Erwin 47137 Dr.-Lengeling- 8
– Erwin 47055 Im Schlenk 54
– Erwin 47137 Spessart- 28
– Eva 47179 Blumen- 41
– Eva 47179 Planeten- 29
– Ferdinand 47198 Ehren- 68
– Flora 47053 Heer- 204
– Florianne
47226 Friedrich-Alfred- 177
– Folko 47198 Luisen- 61
– Frank 47279 Insterburger Weg 40
– Frank 47137 Laaker- 20
– Frank 47051 Mercator- 72
– Frank 47269 Rotdorn- 73
– Frank 47137 Sommer- 11
– Frank 47137 Unterführungs- 15
– Frank 47269 Walderbenweg 38
– Frauke 47058 Brauer- 22
– Freimut 47137 Eckershorst 11
– Frieda 47228 Flutweg 134
– Frieda 47166 Gottfried- 85
– Frieda 47137 Stein- 2
– Friedhelm 47239 Darwin- 24
– Friedhelm
47249 Sittardsberger Allee 53
– Friedrich 47057 Blumen- 68
– Friedrich 47198 Friedrich-Ebert- 12
– Friedrich 47198 Luisen- 52
– Friedrich 47198 Otto- 167
– Friedrich 47051 Unter- 35
– Fritz 47229 In den Siften 34
– Fritz 47179 Blumen- 41
– Fritz 47053 Heer- 203
– Gabriele 47058 Blumenthal- 16
– Gabriele 47119 Deich- 43
– Gabriele 47169 Pollhof- 87
– Gabriele 47167 Freiligrath- 16
– Georg 47139 Ahr- 20
– Georg
47179 Dr.-Wilhelm-Roelen- 321
– Georg 47058 Hansa- 46
– Georg 47166 Ranenberg- 68
– Gerd 47057 Uthmann- 2
– Gerd 47249 Wanheimer- 632
– Gerda 47249 Düsseldorfer Land- 65
– Gerda 47226 Friedrich-Ebert- 112
– Gerda 47279 Zur Wolfskuhl 69
– Gerhard
47051 Am Alten Wehrgang 8
– Gerhard 47259 Am Dreiangel 50
– Gerhard 47051 Am Mühlenberg 23
– Gerhard 47057 Am Seltenreich 18
– Gerhard 47198 Feld- 12
– Gerhard 47178 Kaiser- 206
– Gerhard 47138 Zoppenbrück- 30
– Gert 47169 Nord- 139
– Gertrud 47169 Am Kollenacker 30
– Gertrud 47228 Hochfelder- 11
– Gertrud 47249 Innsbrucker Allee 36a
– Gertrud 47053 Johanniter- 59
– Gertrud 47058 Martin- 9
– Gertrud 47279 Neidenburger- 40
– Gertrud 47138 Obermeidericher- 42
– Gertrud
47053 Rudolf-Schönstedt- 48
– Gertrude 47166 Lessing- 45
– Gisela 47226 Friedrich-Ebert- 114
– Gisela 47051 Fulda- 7
– Gisela 47169 Gertruden- 41
– Gisela 47249 Heinrich-Albrod- 70
– Gisela 47051 Heinrich-Lersch- 28
– Gisela 47138 Herzog- 17
– Gisela 47249 Kupferhammer- 376
– Gisela 47179 Ludgerus- 98
– Gisela 47051 Mosel- 7
– Gisela 47198 Preußen- 32
– Gisela 47198 Uhland- 63
– Günter 47279 Allensteiner Ring 9
– Günter 47179 Goethe- 20
– Günter 47139 Grafenwerther- 22
– Günter 47058 Hansa- 11
– Günter 47167 Holtener- 389
– Günter 47169 Kaiser-Friedrich- 125
– Günter 47057 Neudorfer- 54
– Günter 47169 Roon- 72
– Günter 47166 Schäfer- 6
– Günter 47198 Tappen- 10
– Günter 47249 Donau- 25
– Hajrija 47249 Dahlien- 35
– Halime 47166 Kirch- 35
– Hanneliese
47178 Siebenbürgener- 10
– Hannelore 47053 Heer- 203
– Hannelore 47139 Rahm- 16
– Hannelore 47259 Quade- 12
– Hannelore 47169 Schwaben- 19
– Hans 47138 Eicken- 62
– Hans 47169 Elsa-Brändström- 11
– Hans
47249 Großenbaumer Allee 357
– Hans 47166 Heinrich- 11
– Hans 47226 Hochemmericher- 10
– Hans 47055 Kauf- 30
– Hans 47198 Kohl- 28
– Hans Dr. 47058 Prinz-Albrecht- 15
– Hans 47198 Rheinpreußen- 57
– Hans 47053 Schulte- 53
– Hans 47167 Schwalben- 55
– Hans 47269 Zur Kaffeehött 58b
– Hans-Dieter 47137 Borkhofer- 76
– Hans-Dieter 47178 Kaiser- 86
– Hans-Eckhardt 47228 Wachtel- 9
– Hans-Georg 47269 Kaiser- 25
– Hans-Joachim
47228 Brahmsweg 20
– Hans-Joachim 47119 Harmonie- 45
– Hans-Jürgen 47169 Dahl- 97
– Hans-Jürgen
47167 Obere-Holtener- 127
– Hans-Jürgen 47179 Hoover- 14
– Hans-Ulrich 47051 Gutenberg- 22
– Hans-Wilhelm 47259 Am Klapptor 5
– Hartmut 47179 Büsacker- 48
– Hartmut 47249 Dahlien- 35
– Harald 47249 Heinrich-Albrod- 45
– Heike 47166 Kaiser-Wilhelm- 46
– Heike 47259 Rembrandt- 17
– Hedwig 47057 Max-Reger- 16
– Heide 47138 Hagensallee 41
– Heide-Marie 47229 Viktoria- 18
– Heidelore 47169 Nord- 139
Firmen, Gewerbebetriebe usw. nach Namen – siehe gelber Teil	A-DU
